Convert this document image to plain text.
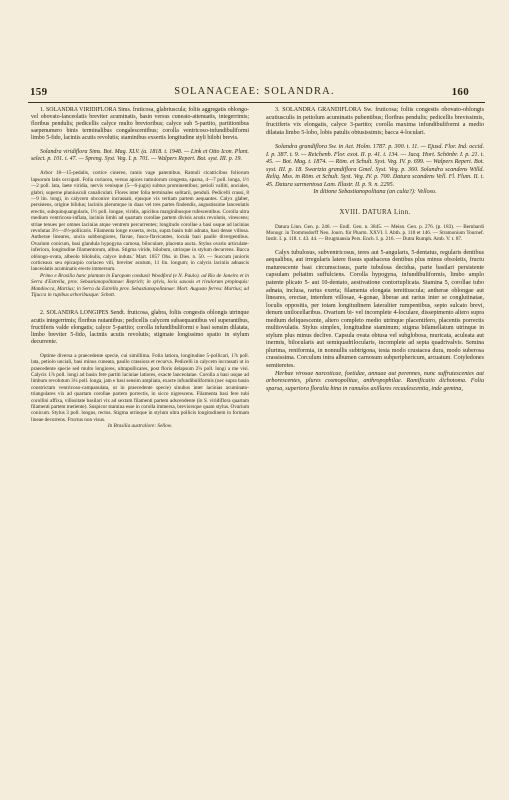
159	SOLANACEAE: SOLANDRA.	160

1. SOLANDRA VIRIDIFLORA Sims. fruticosa, glabriuscula; foliis aggregatis oblongo-vel obovato-lanceolatis breviter acuminatis, basin versus cuneato-attenuatis, integerrimis; floribus pendulis; pedicellis calyce multo brevioribus; calyce sub 5-partito, partitionibus saepenumero binis terminalibus congalescentibus; corolla ventricoso-infundibuliformi limbo 5-fido, laciniis acutis revolutis; staminibus exsertis longitudine styli bilobi brevis.

Solandra viridiflora Sims. Bot. Mag. XLV. (a. 1818. t. 1948. — Link et Otto Icon. Plant. select. p. 101. t. 47. — Spreng. Syst. Veg. I. p. 701. — Walpers Repert. Bot. syst. III. p. 19.

Arbor 18—15-pedalis, cortice cinereo, ramis vage patentibus. Ramuli cicatricibus foliorum lapsorum latis occupati. Folia coriacea, versus apices ramulorum congesta, sparsa, 4—7 poll. longa, 1½—2 poll. lata, laete viridia, nervis venisque (5—6-jugis) subtus prominentibus; petioli valliti, unciales, glabri, superne planiusculi canaliculati. Flores inter folia terminales solitarii, penduli. Pedicelli crassi, 8—9 lin. longi, in calycem obconice incrassati, ejusque vix tertiam partem aequantes. Calyx glaber, persistens, origine bilidus; laciniis plerumque in duas vel tres partes findendis, angustissime lanceolatis erectis, subquinquangularis, 1½ poll. longae, viridis, apicibus marginibusque rufescentibus. Corolla ultra medium ventricoso-inflata, laciniis limbi ad quartam corollae partem divisis acutis revolutis, virescens; striae tenues per omnes lacinias atque ventrem percurrentes; longitudo corollae a basi usque ad lacinias revolutas 3½—4½-pollicaris. Filamenta longe exserta, recta, supra basin tubi adnata, basi dense villosa. Antherae lineares, uncia subbongiores, flavae, fusco-flavicantes, locula basi paulle divergentibus. Ovarium conicum, basi glandula hypogyna carnosa, biloculare, placenta aucta. Stylus ovario articulate-inferiora, longitudine filamentorum, albus. Stigma viride, bilobum, utrinque in stylum decurrens. Bacca oblongo-ovata, albeolo bilobulis, calyce induta.' Mart. 1857 Obs. in Dies. n. 50. — Succum junioris corticeaux seu epicarpio coriaceo vili, breviter acutum, 11 lin. longum; in calycis laciniis adnascis lanceolatis acuminatis erecte immersum.

Primo e Brasilia hanc plantam in Europam conduxit Woodford (e N. Paulo). ad Rio de Janeiro et in Serra d'Estrella, prov. Sebastianopolitanae: Reprich; in sylvis, locis saxosis et rivulorum propinquis: Mandiocca, Martius; in Serra da Estrella prov. Sebastianopolitanae: Mart. Augusto ferreu: Martius; ad Tijucca in rupibus arboribusque: Schott.

2. SOLANDRA LONGIPES Sendt. fruticosa, glabra, foliis congestis oblongis utrinque acutis integerrimis; floribus nutantibus; pedicellis calycem subaequantibus vel superantibus, fructiferis valde elongatis; calyce 5-partito; corolla infundibuliformi e basi sensim dilatata, limbo breviter 5-fido, laciniis acutis revolutis; stigmate longissimo spatio in stylum decurrente.

Optime diversa a praecedente specie, cui simillima. Folia latiora, longitudine 5-pollicari, 1⅞ poll. lata, petiolo unciali, basi minus cuneata, paullo crassiora et recurva. Pedicelli in calycem incrassati ut in praecedente specie sed multo longiores, ultrapollicares, post floris delapsum 2¼ poll. longi a me visi. Calycis 1⅞ poll. longi ad basin fere partiti laciniae latiores, exacte lanceolatae. Corolla a basi usque ad limbum revolutum 3¼ poll. longa, jam e basi sensim ampliata, exacte infundibuliformis (nec supra basin constrictam ventricoso-campanulata, ut in praecedente specie) sinubus inter lacinias acuminato-triangulares vix ad quartam corollae partem porrectis, in sicco nigrescens. Filamenta basi fere tubi corollini affixa, villositate basilari vix ad sextam filamenti partem adscendente (in S. viridiflora quartam filamenti partem metiente). Suspicor stamina esse in corolla immersa, breviorsque quam stylus. Ovarium conicum. Stylus 3 poll. longus, rectus. Stigma utrinque in stylum ultra pollicis longitudinem in formam lineae decurrens. Fructus non visus.

In Brasilia australiore: Sellow.

3. SOLANDRA GRANDIFLORA Sw. fruticosa; foliis congestis obovato-oblongis acutiusculis in petiolum acuminatis pubentibus; floribus pendulis; pedicellis brevissimis, fructiferis vix elongatis, calyce 3-partito; corolla maxima infundibuliformi a medio dilatata limbo 5-lobo, lobis patulis obtusissimis; bacca 4-loculari.

Solandra grandiflora Sw. in Act. Holm. 1787. p. 300. t. 11. — Ejusd. Flor. Ind. occid. I. p. 387. t. 9. — Reichenb. Flor. exot. II. p. 41. t. 134. — Jacq. Hort. Schönbr. I. p. 21. t. 45. — Bot. Mag. t. 1874. — Röm. et Schult. Syst. Veg. IV. p. 699. — Walpers Repert. Bot. syst. III. p. 18. Swartzia grandiflora Gmel. Syst. Veg. p. 360. Solandra scandens Willd. Reliq. Mss. in Röm. et Schult. Syst. Veg. IV. p. 700. Datura scandens Vell. Fl. Flum. II. t. 45. Datura sarmentosa Lam. Illustr. II. p. 9. n. 2295.

In ditione Sebastianopolitana (an culta?): Velloso.

XVIII. DATURA Linn.

Datura Linn. Gen. p. 246. — Endl. Gen. n. 3845. — Meisn. Gen. p. 276. (p. 183). — Bernhardi Monogr. in Trommsdorff Neu. Journ. für Pharm. XXVI. I. Abth. p. 118 et 146. — Stramonium Tournef. Instit. I. p. 118. t. 43. 44. — Brugmansia Pers. Ench. I. p. 216. — Dutra Rumph. Amb. V. t. 87.

Calyx tubulosus, subventricosus, teres aut 5-angularis, 5-dentatus, regularis dentibus aequalibus, aut irregularis latere fissus spathaceus dentibus plus minus obsoletis, fructu maturescente basi circumscissus, parte tubulosa decidua, parte basilari persistente capsulam peltatim suffulciens. Corolla hypogyna, infundibuliformis, limbo amplo patente plicato 5- aut 10-dentato, aestivatione contortuplicata. Stamina 5, corollae tubo adnata, inclusa, rarius exerta; filamenta elongata tereitiuscula; antherae oblongae aut lineares, erectae, interdum villosae, 4-gonae, liberae aut rarius inter se conglutinatae, loculis oppositis, per totam longitudinem lateraliter rumpentibus, septo sulcato brevi, denum unilocellaribus. Ovarium bi- vel incomplete 4-loculare, dissepimento altero supra medium deliquescente, altero completo medio utrinque placentifero, placentis porrectis multiovulatis. Stylus simplex, longitudine staminum; stigma bilamellatum utrinque in stylum plus minus declive. Capsula ovata obtusa vel subglobosa, muricata, aculeata aut inermis, bilocularis aut semiquadrilocularis, incomplete ad septa quadrivalvis. Semina plurima, reniformia, in nonnullis subtrigona, testa modo crustacea dura, modo suberosa crassissima. Corculum intra albumen carnosum subperiphericum, arcuatum. Cotyledones semiteretes.

Herbae virosae narcoticae, foetidae, annuae aut perennes, nunc suffrutescentes aut arborescentes, plures cosmopolitae, anthropophilae. Ramificatio dichotoma. Folia sparsa, superiora floralia bina in ramulos axillares recaulescentia, inde gemina,
